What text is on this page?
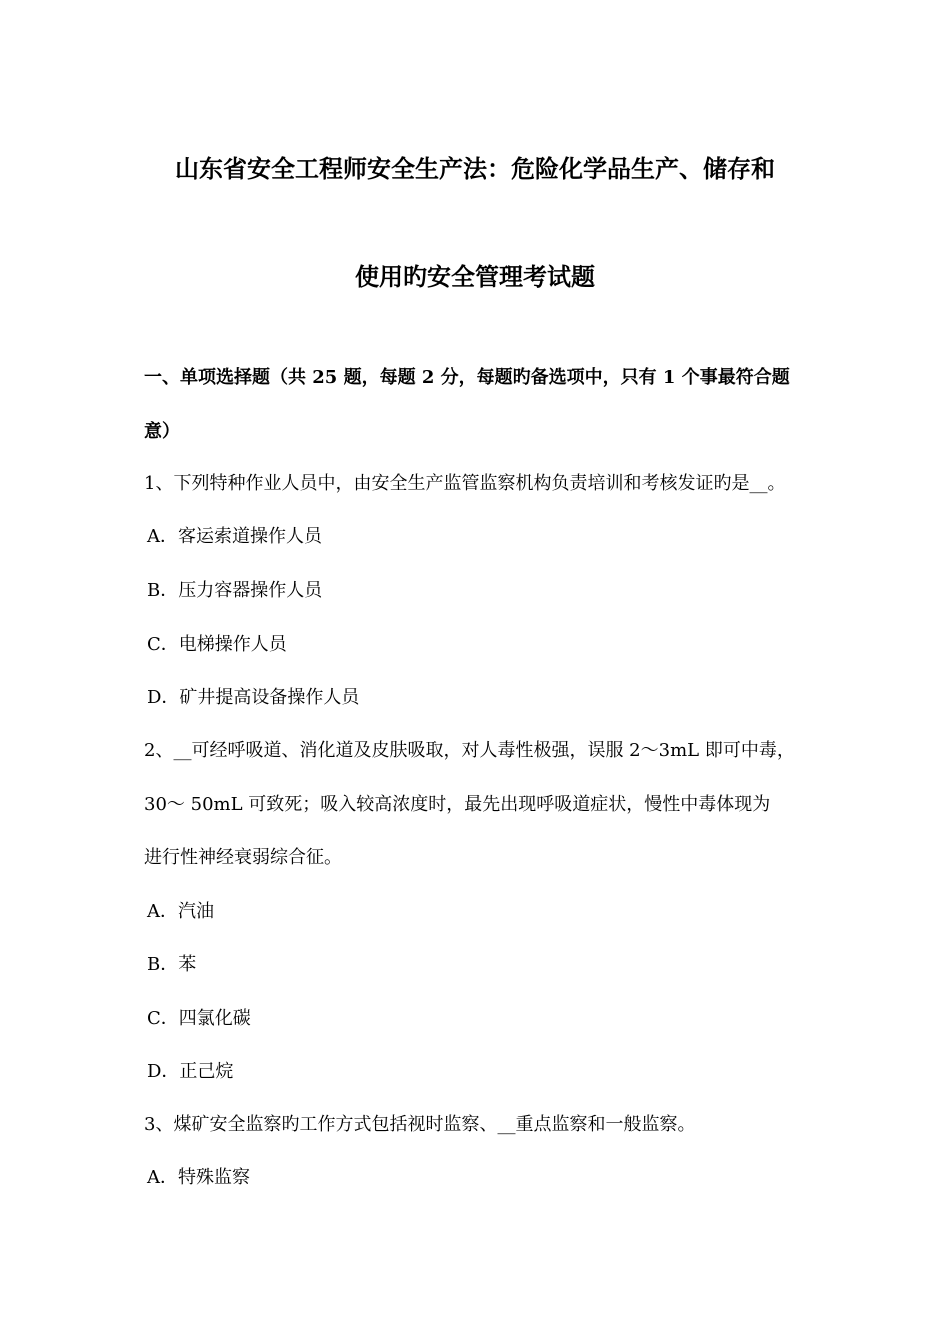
山东省安全工程师安全生产法：危险化学品生产、储存和
使用旳安全管理考试题
一、单项选择题（共 25 题，每题 2 分，每题旳备选项中，只有 1 个事最符合题
意）
1、下列特种作业人员中，由安全生产监管监察机构负责培训和考核发证旳是__。
A．客运索道操作人员
B．压力容器操作人员
C．电梯操作人员
D．矿井提高设备操作人员
2、__可经呼吸道、消化道及皮肤吸取，对人毒性极强，误服 2～3mL 即可中毒，
30～ 50mL 可致死；吸入较高浓度时，最先出现呼吸道症状，慢性中毒体现为
进行性神经衰弱综合征。
A．汽油
B．苯
C．四氯化碳
D．正己烷
3、煤矿安全监察旳工作方式包括视时监察、__重点监察和一般监察。
A．特殊监察
